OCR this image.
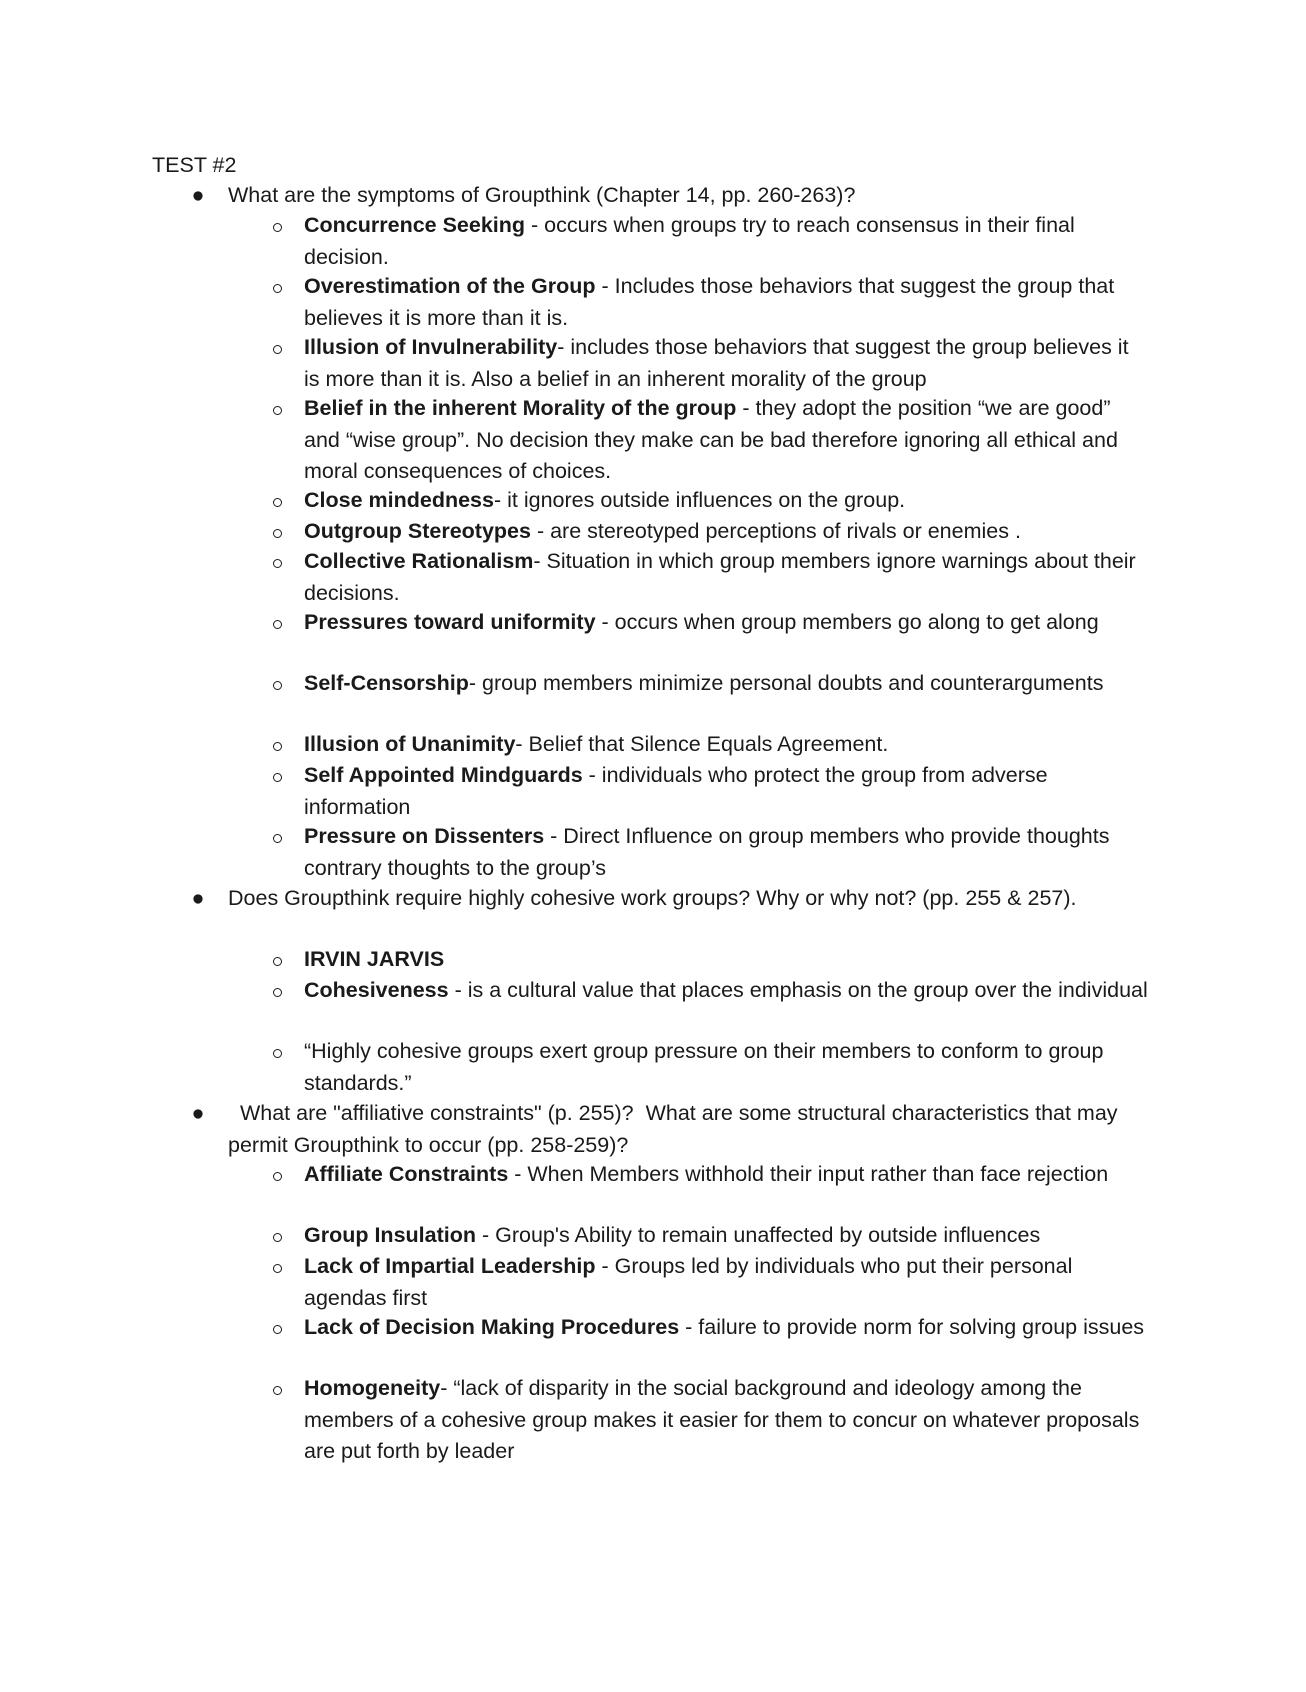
TEST #2
● What are the symptoms of Groupthink (Chapter 14, pp. 260-263)?
Concurrence Seeking - occurs when groups try to reach consensus in their final decision.
Overestimation of the Group - Includes those behaviors that suggest the group that believes it is more than it is.
Illusion of Invulnerability- includes those behaviors that suggest the group believes it is more than it is. Also a belief in an inherent morality of the group
Belief in the inherent Morality of the group - they adopt the position “we are good” and “wise group”. No decision they make can be bad therefore ignoring all ethical and moral consequences of choices.
Close mindedness- it ignores outside influences on the group.
Outgroup Stereotypes - are stereotyped perceptions of rivals or enemies .
Collective Rationalism- Situation in which group members ignore warnings about their decisions.
Pressures toward uniformity - occurs when group members go along to get along
Self-Censorship- group members minimize personal doubts and counterarguments
Illusion of Unanimity- Belief that Silence Equals Agreement.
Self Appointed Mindguards - individuals who protect the group from adverse information
Pressure on Dissenters - Direct Influence on group members who provide thoughts contrary thoughts to the group’s
● Does Groupthink require highly cohesive work groups? Why or why not? (pp. 255 & 257).
IRVIN JARVIS
Cohesiveness - is a cultural value that places emphasis on the group over the individual
“Highly cohesive groups exert group pressure on their members to conform to group standards.”
● What are "affiliative constraints" (p. 255)?  What are some structural characteristics that may permit Groupthink to occur (pp. 258-259)?
Affiliate Constraints - When Members withhold their input rather than face rejection
Group Insulation - Group's Ability to remain unaffected by outside influences
Lack of Impartial Leadership - Groups led by individuals who put their personal agendas first
Lack of Decision Making Procedures - failure to provide norm for solving group issues
Homogeneity- “lack of disparity in the social background and ideology among the members of a cohesive group makes it easier for them to concur on whatever proposals are put forth by leader
